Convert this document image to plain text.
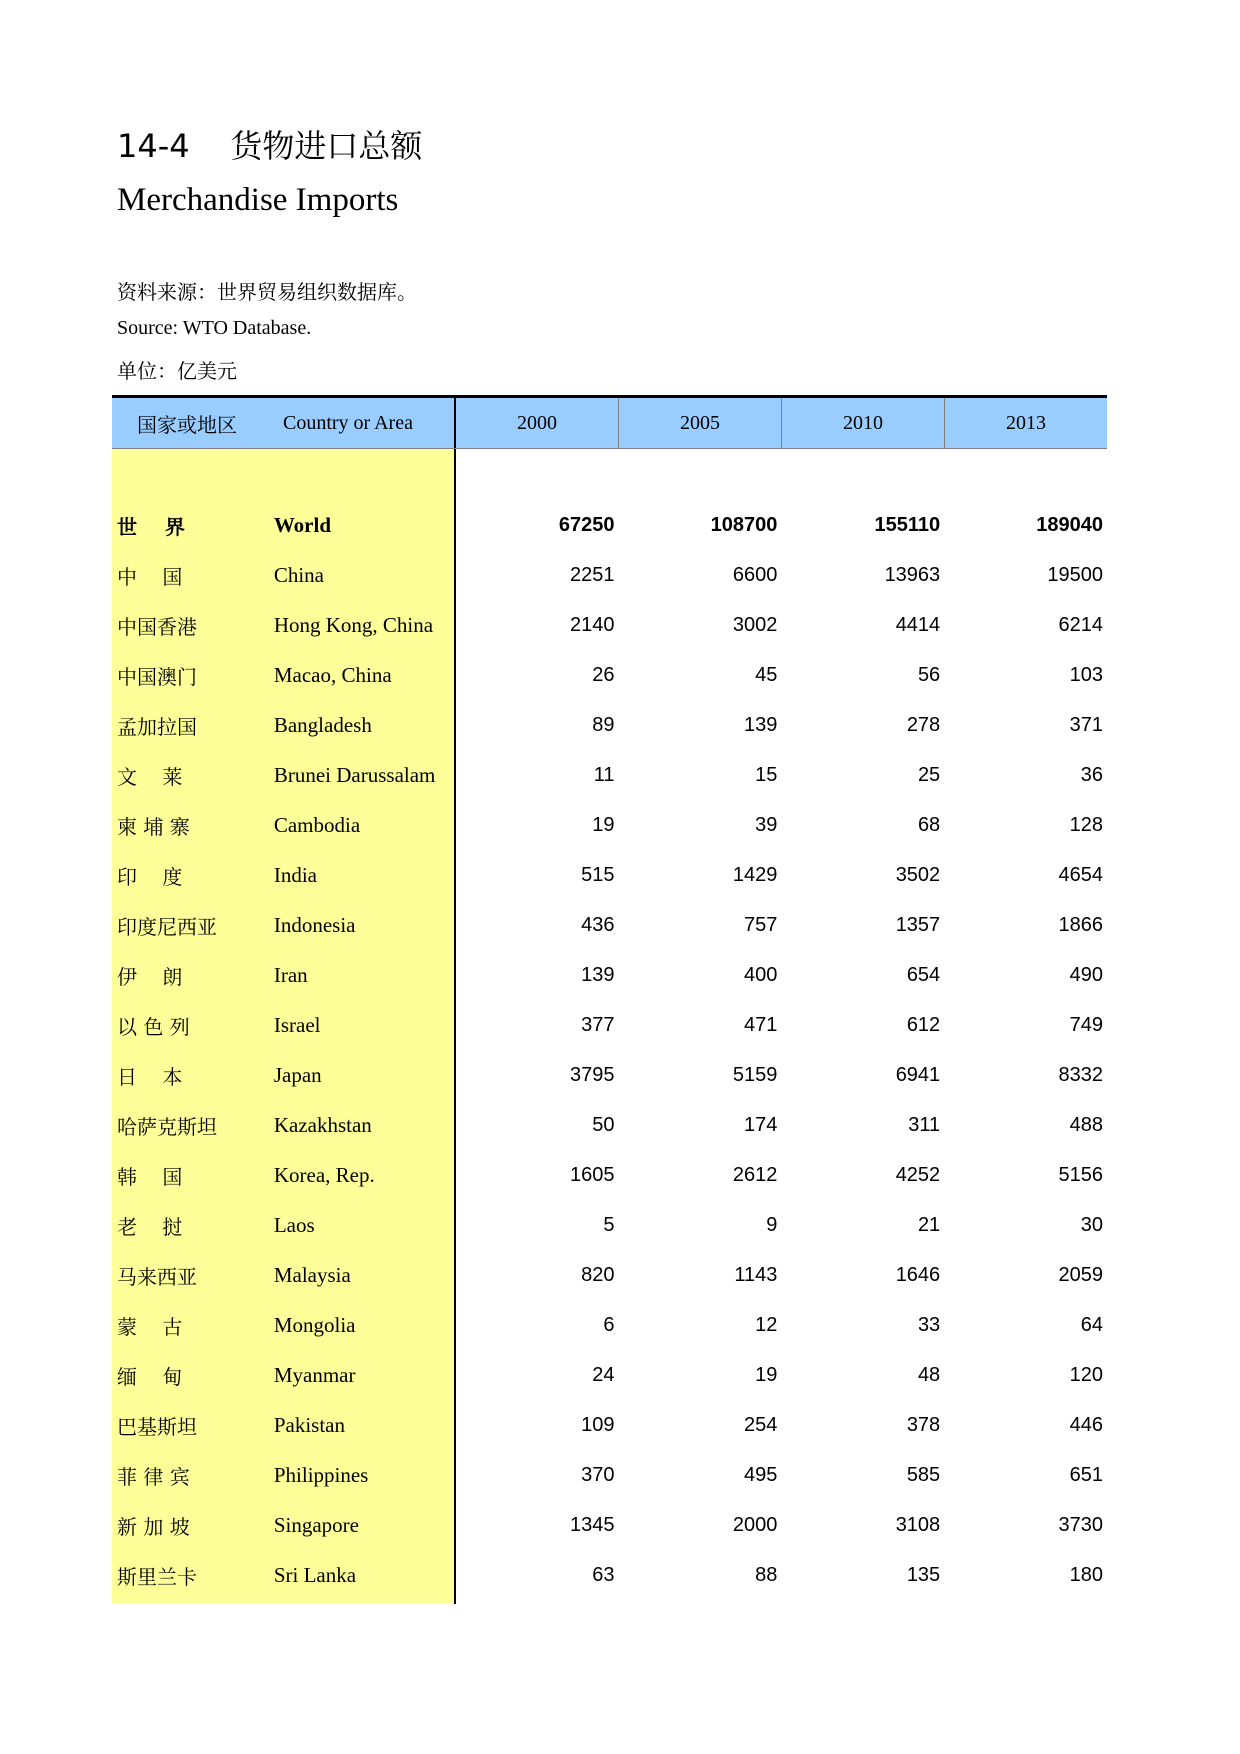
14-4 货物进口总额
Merchandise Imports
资料来源：世界贸易组织数据库。
Source: WTO Database.
单位：亿美元
国家或地区	Country or Area	2000	2005	2010	2013
世    界	World	67250	108700	155110	189040
中    国	China	2251	6600	13963	19500
中国香港	Hong Kong, China	2140	3002	4414	6214
中国澳门	Macao, China	26	45	56	103
孟加拉国	Bangladesh	89	139	278	371
文    莱	Brunei Darussalam	11	15	25	36
柬 埔 寨	Cambodia	19	39	68	128
印    度	India	515	1429	3502	4654
印度尼西亚	Indonesia	436	757	1357	1866
伊    朗	Iran	139	400	654	490
以 色 列	Israel	377	471	612	749
日    本	Japan	3795	5159	6941	8332
哈萨克斯坦	Kazakhstan	50	174	311	488
韩    国	Korea, Rep.	1605	2612	4252	5156
老    挝	Laos	5	9	21	30
马来西亚	Malaysia	820	1143	1646	2059
蒙    古	Mongolia	6	12	33	64
缅    甸	Myanmar	24	19	48	120
巴基斯坦	Pakistan	109	254	378	446
菲 律 宾	Philippines	370	495	585	651
新 加 坡	Singapore	1345	2000	3108	3730
斯里兰卡	Sri Lanka	63	88	135	180
